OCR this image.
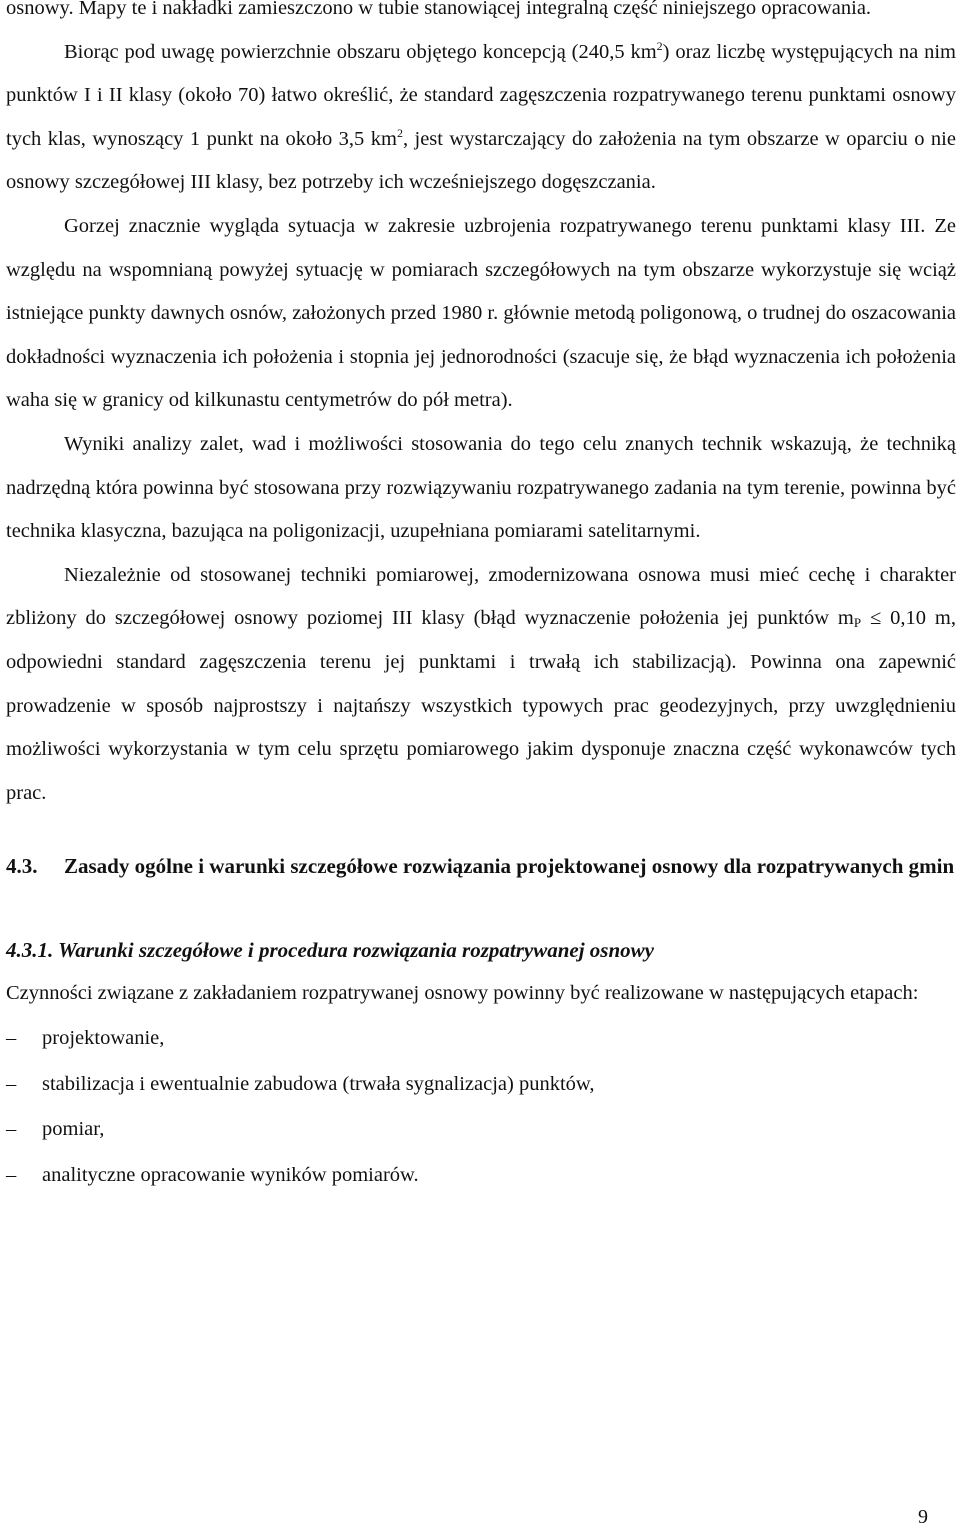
osnowy. Mapy te i nakładki zamieszczono w tubie stanowiącej integralną część niniejszego opracowania.

Biorąc pod uwagę powierzchnie obszaru objętego koncepcją (240,5 $km^2$) oraz liczbę występujących na nim punktów I i II klasy (około 70) łatwo określić, że standard zagęszczenia rozpatrywanego terenu punktami osnowy tych klas, wynoszący 1 punkt na około 3,5 $km^2$, jest wystarczający do założenia na tym obszarze w oparciu o nie osnowy szczegółowej III klasy, bez potrzeby ich wcześniejszego dogęszczania.

Gorzej znacznie wygląda sytuacja w zakresie uzbrojenia rozpatrywanego terenu punktami klasy III. Ze względu na wspomnianą powyżej sytuację w pomiarach szczegółowych na tym obszarze wykorzystuje się wciąż istniejące punkty dawnych osnów, założonych przed 1980 r. głównie metodą poligonową, o trudnej do oszacowania dokładności wyznaczenia ich położenia i stopnia jej jednorodności (szacuje się, że błąd wyznaczenia ich położenia waha się w granicy od kilkunastu centymetrów do pół metra).

Wyniki analizy zalet, wad i możliwości stosowania do tego celu znanych technik wskazują, że techniką nadrzędną która powinna być stosowana przy rozwiązywaniu rozpatrywanego zadania na tym terenie, powinna być technika klasyczna, bazująca na poligonizacji, uzupełniana pomiarami satelitarnymi.

Niezależnie od stosowanej techniki pomiarowej, zmodernizowana osnowa musi mieć cechę i charakter zbliżony do szczegółowej osnowy poziomej III klasy (błąd wyznaczenie położenia jej punktów $m_P \le 0,10$ m, odpowiedni standard zagęszczenia terenu jej punktami i trwałą ich stabilizacją). Powinna ona zapewnić prowadzenie w sposób najprostszy i najtańszy wszystkich typowych prac geodezyjnych, przy uwzględnieniu możliwości wykorzystania w tym celu sprzętu pomiarowego jakim dysponuje znaczna część wykonawców tych prac.

4.3.	Zasady ogólne i warunki szczegółowe rozwiązania projektowanej osnowy dla rozpatrywanych gmin
4.3.1. Warunki szczegółowe i procedura rozwiązania rozpatrywanej osnowy

Czynności związane z zakładaniem rozpatrywanej osnowy powinny być realizowane w następujących etapach:

–	projektowanie,
–	stabilizacja i ewentualnie zabudowa (trwała sygnalizacja) punktów,
–	pomiar,
–	analityczne opracowanie wyników pomiarów.
9
